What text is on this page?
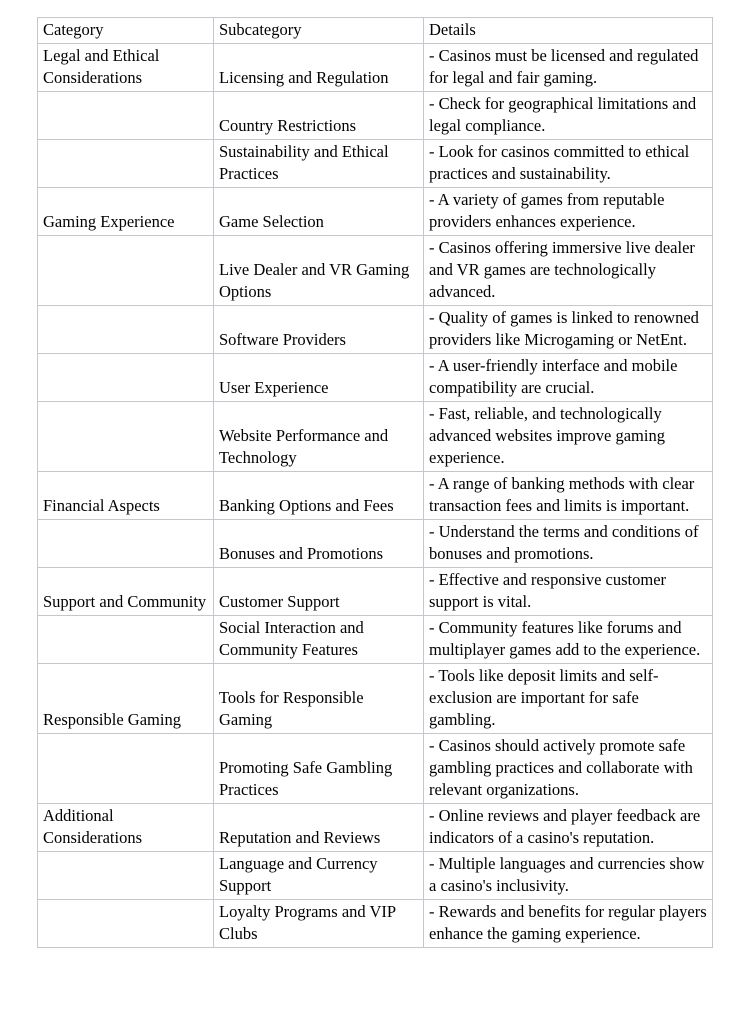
Category	Subcategory	Details
Legal and Ethical Considerations	Licensing and Regulation	- Casinos must be licensed and regulated for legal and fair gaming.
	Country Restrictions	- Check for geographical limitations and legal compliance.
	Sustainability and Ethical Practices	- Look for casinos committed to ethical practices and sustainability.
Gaming Experience	Game Selection	- A variety of games from reputable providers enhances experience.
	Live Dealer and VR Gaming Options	- Casinos offering immersive live dealer and VR games are technologically advanced.
	Software Providers	- Quality of games is linked to renowned providers like Microgaming or NetEnt.
	User Experience	- A user-friendly interface and mobile compatibility are crucial.
	Website Performance and Technology	- Fast, reliable, and technologically advanced websites improve gaming experience.
Financial Aspects	Banking Options and Fees	- A range of banking methods with clear transaction fees and limits is important.
	Bonuses and Promotions	- Understand the terms and conditions of bonuses and promotions.
Support and Community	Customer Support	- Effective and responsive customer support is vital.
	Social Interaction and Community Features	- Community features like forums and multiplayer games add to the experience.
Responsible Gaming	Tools for Responsible Gaming	- Tools like deposit limits and self-exclusion are important for safe gambling.
	Promoting Safe Gambling Practices	- Casinos should actively promote safe gambling practices and collaborate with relevant organizations.
Additional Considerations	Reputation and Reviews	- Online reviews and player feedback are indicators of a casino's reputation.
	Language and Currency Support	- Multiple languages and currencies show a casino's inclusivity.
	Loyalty Programs and VIP Clubs	- Rewards and benefits for regular players enhance the gaming experience.
